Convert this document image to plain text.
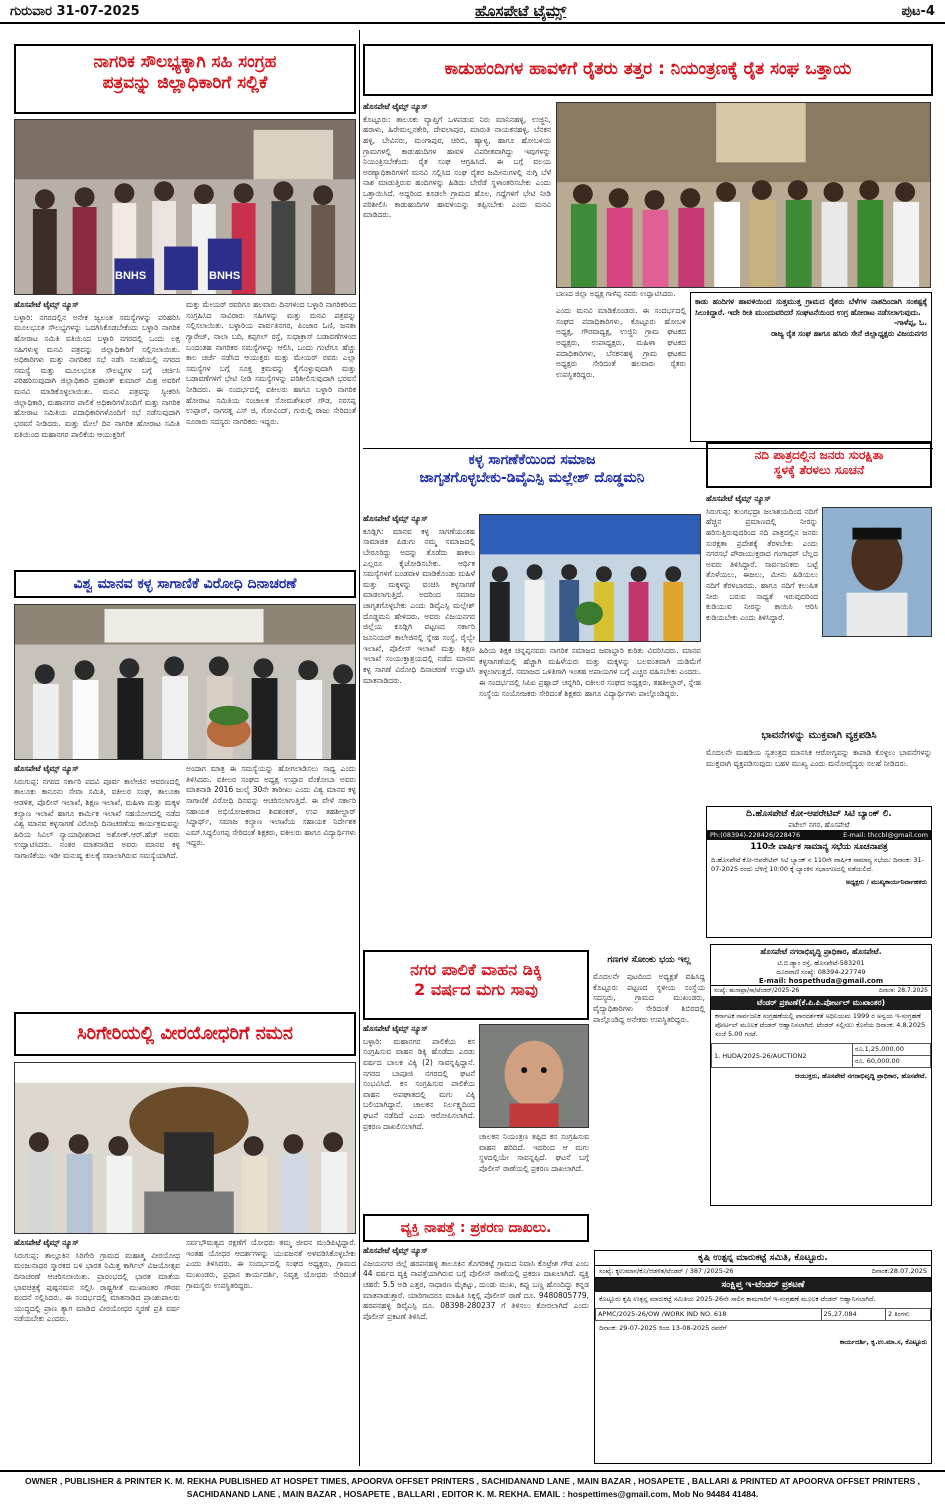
ಗುರುವಾರ 31-07-2025	ಹೊಸಪೇಟೆ ಟೈಮ್ಸ್	ಪುಟ-4
ನಾಗರಿಕ ಸೌಲಭ್ಯಕ್ಕಾಗಿ ಸಹಿ ಸಂಗ್ರಹ
ಪತ್ರವನ್ನು ಜಿಲ್ಲಾಧಿಕಾರಿಗೆ ಸಲ್ಲಿಕೆ
BNHS	BNHS

ಹೊಸಪೇಟೆ ಟೈಮ್ಸ್ ನ್ಯೂಸ್

ಬಳ್ಳಾರಿ: ನಗರದಲ್ಲಿನ ಅನೇಕ ಜ್ವಲಂತ ಸಮಸ್ಯೆಗಳನ್ನು ಪರಿಹರಿಸಿ ಮೂಲಭೂತ ಸೌಲಭ್ಯಗಳನ್ನು ಒದಗಿಸಿಕೊಡಬೇಕೆಂದು ಬಳ್ಳಾರಿ ನಾಗರಿಕ ಹೋರಾಟ ಸಮಿತಿ ವತಿಯಿಂದ ಬಳ್ಳಾರಿ ನಗರದಲ್ಲಿ ಒಂದು ಲಕ್ಷ ಸಹಿಗಳುಳ್ಳ ಮನವಿ ಪತ್ರವನ್ನು ಜಿಲ್ಲಾಧಿಕಾರಿಗೆ ಸಲ್ಲಿಸಲಾಯಿತು. ಅಧಿಕಾರಿಗಳು ಮತ್ತು ನಾಗರಿಕರ ಸಭೆ ನಡೆಸಿ ಸಲಹೆಯಲ್ಲಿ ನಗರದ ಸಮಸ್ಯೆ ಮತ್ತು ಮೂಲಭೂತ ಸೌಲಭ್ಯಗಳ ಬಗ್ಗೆ ಚರ್ಚಿಸಿ ಪರಿಹರಿಸುವುದಾಗಿ ಜಿಲ್ಲಾಧಿಕಾರಿ ಪ್ರಶಾಂತ್ ಕುಮಾರ್ ಮಿಶ್ರ ಅವರಿಗೆ ಮನವಿ ಮಾಡಿಕೊಳ್ಳಲಾಯಿತು. ಮನವಿ ಪತ್ರವನ್ನು ಸ್ವೀಕರಿಸಿ ಜಿಲ್ಲಾಧಿಕಾರಿ, ಮಹಾನಗರ ಪಾಲಿಕೆ ಅಧಿಕಾರಿಗಳೊಂದಿಗೆ ಮತ್ತು ನಾಗರಿಕ ಹೋರಾಟ ಸಮಿತಿಯ ಪದಾಧಿಕಾರಿಗಳೊಂದಿಗೆ ಸಭೆ ನಡೆಸುವುದಾಗಿ ಭರವಸೆ ನೀಡಿದರು. ಮತ್ತು ಮೇಲೆ ದಿನ ನಾಗರಿಕ ಹೋರಾಟ ಸಮಿತಿ ವತಿಯಿಂದ ಮಹಾನಗರ ಪಾಲಿಕೆಯ ಆಯುಕ್ತರಿಗೆ

ಮತ್ತು ಮೇಯರ್ ರವರಿಗೂ ಹಲವಾರು ದಿನಗಳಿಂದ ಬಳ್ಳಾರಿ ನಾಗರಿಕರಿಂದ ಸಂಗ್ರಹಿಸಿದ ಸಾವಿರಾರು ಸಹಿಗಳನ್ನು ಮತ್ತು ಮನವಿ ಪತ್ರವನ್ನು ಸಲ್ಲಿಸಲಾಯಿತು. ಬಳ್ಳಾರಿಯ ಪಾರ್ವತಿನಗರ, ಪಿಂಜಾರ ಓಣಿ, ಜನತಾ ಗ್ಯಾರೇಜ್, ನಾಲಾ ಬದಿ, ಕಪ್ಪಗಲ್ ರಸ್ತೆ, ಸುಧಾಕ್ರಾಸ್ ಬಡಾವಣೆಗಳಿಂದ ಬಂದಂತಹ ನಾಗರಿಕರ ಸಮಸ್ಯೆಗಳನ್ನು ಆಲಿಸಿ, ಒಂದು ಗಂಟೆಗೂ ಹೆಚ್ಚು ಕಾಲ ಚರ್ಚೆ ನಡೆಸಿದ ಆಯುಕ್ತರು ಮತ್ತು ಮೇಯರ್ ರವರು ಎಲ್ಲಾ ಸಮಸ್ಯೆಗಳ ಬಗ್ಗೆ ಸೂಕ್ತ ಕ್ರಮವನ್ನು ಕೈಗೊಳ್ಳುವುದಾಗಿ ಮತ್ತು ಬಡಾವಣೆಗಳಿಗೆ ಭೇಟಿ ನೀಡಿ ಸಮಸ್ಯೆಗಳನ್ನು ಪರಿಶೀಲಿಸುವುದಾಗಿ ಭರವಸೆ ನೀಡಿದರು. ಈ ಸಂದರ್ಭದಲ್ಲಿ ವಕೀಲರು ಹಾಗೂ ಬಳ್ಳಾರಿ ನಾಗರಿಕ ಹೋರಾಟ ಸಮಿತಿಯ ಸಂಚಾಲಕ ಸೋಮಶೇಖರ್ ಗೌಡ, ನರಸಪ್ಪ ಉಪ್ಪಾರ್, ನಾಗರತ್ನ ಎಸ್ ಜಿ, ಗೋವಿಂದ್, ಗುರುಲ್ಲಿ ರಾಜು ಸೇರಿದಂತೆ ನೂರಾರು ಸದಸ್ಯರು ನಾಗರಿಕರು ಇದ್ದರು.

ವಿಶ್ವ ಮಾನವ ಕಳ್ಳ ಸಾಗಾಣಿಕೆ ವಿರೋಧಿ ದಿನಾಚರಣೆ

ಹೊಸಪೇಟೆ ಟೈಮ್ಸ್ ನ್ಯೂಸ್

ಸಿರುಗುಪ್ಪ: ನಗರದ ಸರ್ಕಾರಿ ಪದವಿ ಪೂರ್ವ ಕಾಲೇಜಿನ ಆವರಣದಲ್ಲಿ ತಾಲೂಕು ಕಾನೂನು ಸೇವಾ ಸಮಿತಿ, ವಕೀಲರ ಸಂಘ, ತಾಲೂಕಾ ಆಡಳಿತ, ಪೊಲೀಸ್ ಇಲಾಖೆ, ಶಿಕ್ಷಣ ಇಲಾಖೆ, ಮಹಿಳಾ ಮತ್ತು ಮಕ್ಕಳ ಕಲ್ಯಾಣ ಇಲಾಖೆ ಹಾಗೂ ಕಾರ್ಮಿಕ ಇಲಾಖೆ ಸಹಯೋಗದಲ್ಲಿ ನಡೆದ ವಿಶ್ವ ಮಾನವ ಕಳ್ಳಸಾಗಣೆ ವಿರೋಧಿ ದಿನಾಚರಣೆಯ ಕಾರ್ಯಕ್ರಮವನ್ನು ಹಿರಿಯ ಸಿವಿಲ್ ನ್ಯಾಯಾಧೀಶರಾದ ಅಶೋಕ್.ಆರ್.ಹೆಚ್ ಅವರು ಉದ್ಘಾಟಿಸಿದರು. ನಂತರ ಮಾತನಾಡಿದ ಅವರು ಮಾನವ ಕಳ್ಳ ಸಾಗಾಣಿಕೆಯು ಇಡೀ ಮನುಷ್ಯ ಕುಲಕ್ಕೆ ಸವಾಲಾಗಿರುವ ಸಮಸ್ಯೆಯಾಗಿದೆ.

ಅಂದಾಗ ಮಾತ್ರ ಈ ಸಮಸ್ಯೆಯನ್ನು ಹೋಗಲಾಡಿಸಲು ಸಾಧ್ಯ ಎಂದು ತಿಳಿಸಿದರು. ವಕೀಲರ ಸಂಘದ ಅಧ್ಯಕ್ಷ ಉಪ್ಪಾರ ವೆಂಕೋಬಾ ಅವರು ಮಾತನಾಡಿ 2016 ಜುಲೈ 30ನೇ ತಾರೀಖು ಎಂದು ವಿಶ್ವ ಮಾನವ ಕಳ್ಳ ಸಾಗಾಣಿಕೆ ವಿರೋಧಿ ದಿನವನ್ನು ಆಚರಿಸಲಾಗುತ್ತಿದೆ. ಈ ವೇಳೆ ಸರ್ಕಾರಿ ಸಹಾಯಕ ಅಭಿಯೋಜಕರಾದ ಶಿವಶಂಕರ್, ಉಪ ತಹಶೀಲ್ದಾರ್ ಸಿದ್ದಾರ್ಥ್, ಸಮಾಜ ಕಲ್ಯಾಣ ಇಲಾಖೆಯ ಸಹಾಯಕ ನಿರ್ದೇಶಕ ಎಮ್.ಸಿದ್ದಲಿಂಗಪ್ಪ ಸೇರಿದಂತೆ ಶಿಕ್ಷಕರು, ವಕೀಲರು ಹಾಗೂ ವಿದ್ಯಾರ್ಥಿಗಳು ಇದ್ದರು.

ಸಿರಿಗೇರಿಯಲ್ಲಿ ವೀರಯೋಧರಿಗೆ ನಮನ

ಹೊಸಪೇಟೆ ಟೈಮ್ಸ್ ನ್ಯೂಸ್

ಸಿರುಗುಪ್ಪ: ತಾಲ್ಲೂಕಿನ ಸಿರಿಗೇರಿ ಗ್ರಾಮದ ಮಹಾತ್ಮ ವೀರಯೋಧ ಮಂಜುನಾಥರ ಸ್ಮಾರಕದ ಬಳಿ ಭಾರತ ನಿಮಿತ್ತ ಕಾರ್ಗಿಲ್ ವಿಜಯೋತ್ಸವ ದಿನಾಚರಣೆ ಆಚರಿಸಲಾಯಿತು. ಪ್ರಾರಂಭದಲ್ಲಿ ಭಾರತ ಮಾತೆಯ ಭಾವಚಿತ್ರಕ್ಕೆ ಪುಷ್ಪನಮನ ಸಲ್ಲಿಸಿ ರಾಷ್ಟ್ರಗೀತೆ ಮುಖಾಂತರ ಗೌರವ ವಂದನೆ ಸಲ್ಲಿಸಿದರು. ಈ ಸಂದರ್ಭದಲ್ಲಿ ಮಾತನಾಡಿದ ಪ್ರಾಂಶುಪಾಲರು ಯುದ್ಧದಲ್ಲಿ ಪ್ರಾಣ ತ್ಯಾಗ ಮಾಡಿದ ವೀರಯೋಧರ ಸ್ಮರಣೆ ಪ್ರತಿ ವರ್ಷ ನಡೆಯಬೇಕು ಎಂದರು.

ಸರ್ವಭೌಮತ್ವದ ರಕ್ಷಣೆಗೆ ಯೋಧರು ತಮ್ಮ ಜೀವನ ಮುಡಿಪಿಟ್ಟಿದ್ದಾರೆ. ಇಂತಹ ಯೋಧರ ಆದರ್ಶಗಳನ್ನು ಯುವಜನತೆ ಅಳವಡಿಸಿಕೊಳ್ಳಬೇಕು ಎಂದು ತಿಳಿಸಿದರು. ಈ ಸಂದರ್ಭದಲ್ಲಿ ಸಂಘದ ಅಧ್ಯಕ್ಷರು, ಗ್ರಾಮದ ಮುಖಂಡರು, ಪ್ರಧಾನ ಕಾರ್ಯದರ್ಶಿ, ನಿವೃತ್ತ ಯೋಧರು ಸೇರಿದಂತೆ ಗ್ರಾಮಸ್ಥರು ಉಪಸ್ಥಿತರಿದ್ದರು.

ಕಾಡುಹಂದಿಗಳ ಹಾವಳಿಗೆ ರೈತರು ತತ್ತರ : ನಿಯಂತ್ರಣಕ್ಕೆ ರೈತ ಸಂಘ ಒತ್ತಾಯ

ಹೊಸಪೇಟೆ ಟೈಮ್ಸ್ ನ್ಯೂಸ್

ಕೊಟ್ಟೂರು: ತಾಲೂಕು ವ್ಯಾಪ್ತಿಗೆ ಒಳಪಡುವ ನಿರು ಮಾನಿನಹಳ್ಳಿ, ಉಜ್ಜಿನಿ, ಹರಾಳು, ಹಿರೇಮಲ್ಲನಕೇರಿ, ದೇವಲಾಪುರ, ಮಾರುತಿ ನಾಯಕನಹಳ್ಳಿ, ಬೆನಕನ ಹಳ್ಳಿ, ಬೇವಿನರು, ಮಂಗಾಪುರ, ಚಿರಿಬಿ, ಹ್ಯಾಳ್ಯ, ಹಾಗೂ ಹೋಬಳಿಯ ಗ್ರಾಮಗಳಲ್ಲಿ ಕಾಡುಹಂದಿಗಳ ಹಾವಳಿ ವಿಪರೀತವಾಗಿದ್ದು ಇವುಗಳನ್ನು ನಿಯಂತ್ರಿಸಬೇಕೆಂದು ರೈತ ಸಂಘ ಆಗ್ರಹಿಸಿದೆ. ಈ ಬಗ್ಗೆ ವಲಯ ಅರಣ್ಯಾಧಿಕಾರಿಗಳಿಗೆ ಮನವಿ ಸಲ್ಲಿಸಿದ ಸಂಘ ರೈತರ ಜಮೀನುಗಳಲ್ಲಿ ನುಗ್ಗಿ ಬೆಳೆ ನಾಶ ಮಾಡುತ್ತಿರುವ ಹಂದಿಗಳನ್ನು ಹಿಡಿದು ಬೇರೆಡೆ ಸ್ಥಳಾಂತರಿಸಬೇಕು ಎಂದು ಒತ್ತಾಯಿಸಿದೆ. ಅದ್ದರಿಂದ ಕೂಡಲೇ ಗ್ರಾಮದ ಹೊಲ, ಗದ್ದೆಗಳಿಗೆ ಭೇಟಿ ನೀಡಿ ಪರಿಶೀಲಿಸಿ ಕಾಡುಹಂದಿಗಳ ಹಾವಳಿಯನ್ನು ತಪ್ಪಿಸಬೇಕು ಎಂದು ಮನವಿ ಮಾಡಿದರು.

ಬಾಣದ ಜಿಲ್ಲಾ ಅಧ್ಯಕ್ಷ ಗಾಳೆಪ್ಪ ನವರು ಉದ್ಘಾಟಿಸಿದರು.

ಎಂದು ಮನವಿ ಮಾಡಿಕೊಂಡರು. ಈ ಸಂದರ್ಭದಲ್ಲಿ ಸಂಘದ ಪದಾಧಿಕಾರಿಗಳು, ಕೊಟ್ಟೂರು ಹೋಬಳಿ ಅಧ್ಯಕ್ಷ, ಗೌರವಾಧ್ಯಕ್ಷ, ಉಜ್ಜಿನಿ ಗ್ರಾಮ ಘಟಕದ ಅಧ್ಯಕ್ಷರು, ಉಪಾಧ್ಯಕ್ಷರು, ಮಹಿಳಾ ಘಟಕದ ಪದಾಧಿಕಾರಿಗಳು, ಬೆನಕನಹಳ್ಳಿ ಗ್ರಾಮ ಘಟಕದ ಅಧ್ಯಕ್ಷರು ಸೇರಿದಂತೆ ಹಲವಾರು ರೈತರು ಉಪಸ್ಥಿತರಿದ್ದರು.

ಕಾಡು ಹಂದಿಗಳ ಹಾವಳಿಯಿಂದ ಸುತ್ತಮುತ್ತ ಗ್ರಾಮದ ರೈತರು ಬೆಳೆಗಳ ನಾಶದಿಂದಾಗಿ ಸಂಕಷ್ಟಕ್ಕೆ ಸಿಲುಕಿದ್ದಾರೆ. ಇದೇ ರೀತಿ ಮುಂದುವರಿದರೆ ಸಂಘಟನೆಯಿಂದ ಉಗ್ರ ಹೋರಾಟ ನಡೆಸಲಾಗುವುದು.

-ಗಾಳೆಪ್ಪ, ಓ.

ರಾಜ್ಯ ರೈತ ಸಂಘ ಹಾಗೂ ಹಸಿರು ಸೇನೆ ಜಿಲ್ಲಾಧ್ಯಕ್ಷರು ವಿಜಯನಗರ

ಕಳ್ಳ ಸಾಗಣೆಕೆಯಿಂದ ಸಮಾಜ
ಜಾಗೃತಗೊಳ್ಳಬೇಕು-ಡಿವೈಎಸ್ಪಿ ಮಲ್ಲೇಶ್ ದೊಡ್ಡಮನಿ

ಹೊಸಪೇಟೆ ಟೈಮ್ಸ್ ನ್ಯೂಸ್

ಕೂಡ್ಲಿಗಿ: ಮಾನವ ಕಳ್ಳ ಸಾಗಣೆಯಂತಹ ಸಾಮಾಜಿಕ ಪಿಡುಗು ನಮ್ಮ ಸಮಾಜದಲ್ಲಿ ಬೇರೂರಿದ್ದು ಅದನ್ನು ತೊಡೆದು ಹಾಕಲು ಎಲ್ಲರೂ ಕೈಜೋಡಿಸಬೇಕು. ಆರ್ಥಿಕ ಸಮಸ್ಯೆಗಳಿಗೆ ಬಂಡವಾಳ ಮಾಡಿಕೊಂಡು ಮಹಿಳೆ ಮತ್ತು ಮಕ್ಕಳನ್ನು ವಂಚಿಸಿ ಕಳ್ಳಸಾಗಣೆ ಮಾಡಲಾಗುತ್ತಿದೆ. ಅದರಿಂದ ಸಮಾಜ ಜಾಗೃತಗೊಳ್ಳಬೇಕು ಎಂದು ಡಿವೈಎಸ್ಪಿ ಮಲ್ಲೇಶ್ ದೊಡ್ಡಮನಿ ಹೇಳಿದರು. ಅವರು ವಿಜಯನಗರ ಜಿಲ್ಲೆಯ ಕೂಡ್ಲಿಗಿ ಪಟ್ಟಣದ ಸರ್ಕಾರಿ ಜೂನಿಯರ್ ಕಾಲೇಜಿನಲ್ಲಿ ಸ್ನೇಹ ಸಂಸ್ಥೆ, ರೈಲ್ವೇ ಇಲಾಖೆ, ಪೊಲೀಸ್ ಇಲಾಖೆ ಮತ್ತು ಶಿಕ್ಷಣ ಇಲಾಖೆ ಸಂಯುಕ್ತಾಶ್ರಯದಲ್ಲಿ ನಡೆದ ಮಾನವ ಕಳ್ಳ ಸಾಗಣೆ ವಿರೋಧಿ ದಿನಾಚರಣೆ ಉದ್ಘಾಟಿಸಿ ಮಾತನಾಡಿದರು.

ಹಿರಿಯ ಶಿಕ್ಷಕ ಚಿನ್ನಪ್ಪನವರು ನಾಗರಿಕ ಸಮಾಜದ ಜವಾಬ್ದಾರಿ ಕುರಿತು ವಿವರಿಸಿದರು. ಮಾನವ ಕಳ್ಳಸಾಗಣೆಯಲ್ಲಿ ಹೆಚ್ಚಾಗಿ ಮಹಿಳೆಯರು ಮತ್ತು ಮಕ್ಕಳನ್ನು ಬಲವಂತವಾಗಿ ದುಡಿಮೆಗೆ ತಳ್ಳಲಾಗುತ್ತದೆ. ಸಮಾಜದ ಒಳಿತಿಗಾಗಿ ಇಂತಹ ಅಪಾಯಗಳ ಬಗ್ಗೆ ಎಚ್ಚರ ವಹಿಸಬೇಕು ಎಂದರು. ಈ ಸಂದರ್ಭದಲ್ಲಿ ಸಿಪಿಐ ಪ್ರಹ್ಲಾದ್ ಚನ್ನಗಿರಿ, ವಕೀಲರ ಸಂಘದ ಅಧ್ಯಕ್ಷರು, ತಹಶೀಲ್ದಾರ್, ಸ್ನೇಹ ಸಂಸ್ಥೆಯ ಸಂಯೋಜಕರು ಸೇರಿದಂತೆ ಶಿಕ್ಷಕರು ಹಾಗೂ ವಿದ್ಯಾರ್ಥಿಗಳು ಪಾಲ್ಗೊಂಡಿದ್ದರು.

ನದಿ ಪಾತ್ರದಲ್ಲಿನ ಜನರು ಸುರಕ್ಷಿತಾ
ಸ್ಥಳಕ್ಕೆ ತೆರಳಲು ಸೂಚನೆ

ಹೊಸಪೇಟೆ ಟೈಮ್ಸ್ ನ್ಯೂಸ್

ಸಿರುಗುಪ್ಪ: ತುಂಗಭದ್ರಾ ಜಲಾಶಯದಿಂದ ನದಿಗೆ ಹೆಚ್ಚಿನ ಪ್ರಮಾಣದಲ್ಲಿ ನೀರನ್ನು ಹರಿಸುತ್ತಿರುವುದರಿಂದ ನದಿ ಪಾತ್ರದಲ್ಲಿನ ಜನರು ಸುರಕ್ಷತಾ ಪ್ರದೇಶಕ್ಕೆ ತೆರಳಬೇಕು ಎಂದು ನಗರಸಭೆ ಪೌರಾಯುಕ್ತರಾದ ಗಂಗಾಧರ್ ಬೆಲ್ಲದ ಅವರು ತಿಳಿಸಿದ್ದಾರೆ. ಸಾರ್ವಜನಿಕರು ಬಟ್ಟೆ ತೊಳೆಯಲು, ಈಜಲು, ಮೀನು ಹಿಡಿಯಲು ನದಿಗೆ ತೆರಳಬಾರದು. ಹಾಗೂ ನದಿಗೆ ಕಲುಷಿತ ನೀರು ಬರುವ ಸಾಧ್ಯತೆ ಇರುವುದರಿಂದ ಕುಡಿಯುವ ನೀರನ್ನು ಕಾಯಿಸಿ ಆರಿಸಿ ಕುಡಿಯಬೇಕು ಎಂದು ತಿಳಿಸಿದ್ದಾರೆ.

ಭಾವನೆಗಳನ್ನು ಮುಕ್ತವಾಗಿ ವ್ಯಕ್ತಪಡಿಸಿ

ಮೊದಲನೇ ಮಹಡಿಯ ಸ್ವತಂತ್ರದ ಮಾನಸಿಕ ಆರೋಗ್ಯವನ್ನು ಕಾಪಾಡಿ ಕೊಳ್ಳಲು ಭಾವನೆಗಳನ್ನು ಮುಕ್ತವಾಗಿ ವ್ಯಕ್ತಪಡಿಸುವುದು ಬಹಳ ಮುಖ್ಯ ಎಂದು ಮನೋವೈದ್ಯರು ಸಲಹೆ ನೀಡಿದರು.

ದಿ.ಹೊಸಪೇಟೆ ಕೋ-ಆಪರೇಟಿವ್ ಸಿಟಿ ಬ್ಯಾಂಕ್ ಲಿ.
ಪಟೇಲ್ ನಗರ, ಹೊಸಪೇಟೆ
Ph:(08394)-228426/228476	E-mail: thccbl@gmail.com
110ನೇ ವಾರ್ಷಿಕ ಸಾಮಾನ್ಯ ಸಭೆಯ ಸೂಚನಾಪತ್ರ
ದಿ.ಹೊಸಪೇಟೆ ಕೋ-ಆಪರೇಟಿವ್ ಸಿಟಿ ಬ್ಯಾಂಕ್ ನ 110ನೇ ವಾರ್ಷಿಕ ಸಾಮಾನ್ಯ ಸಭೆಯು ದಿನಾಂಕ: 31-07-2025 ರಂದು ಬೆಳಿಗ್ಗೆ 10:00 ಕ್ಕೆ ಬ್ಯಾಂಕಿನ ಸಭಾಂಗಣದಲ್ಲಿ ನಡೆಯಲಿದೆ.
ಅಧ್ಯಕ್ಷರು / ಮುಖ್ಯಕಾರ್ಯನಿರ್ವಾಹಕರು
ನಗರ ಪಾಲಿಕೆ ವಾಹನ ಡಿಕ್ಕಿ
2 ವರ್ಷದ ಮಗು ಸಾವು

ಹೊಸಪೇಟೆ ಟೈಮ್ಸ್ ನ್ಯೂಸ್

ಬಳ್ಳಾರಿ: ಮಹಾನಗರ ಪಾಲಿಕೆಯ ಕಸ ಸಂಗ್ರಹಿಸುವ ವಾಹನ ಡಿಕ್ಕಿ ಹೊಡೆದು ಎರಡು ವರ್ಷದ ಬಾಲಕ ವಿಕ್ಕಿ (2) ಸಾವನ್ನಪ್ಪಿದ್ದಾನೆ. ನಗರದ ಬಾಪೂಜಿ ನಗರದಲ್ಲಿ ಘಟನೆ ಸಂಭವಿಸಿದೆ. ಕಸ ಸಂಗ್ರಹಿಸುವ ಪಾಲಿಕೆಯ ವಾಹನ ಅಪಘಾತದಲ್ಲಿ ಮಗು ವಿಕ್ಕಿ ಬಲಿಯಾಗಿದ್ದಾನೆ. ಚಾಲಕನ ನಿರ್ಲಕ್ಷ್ಯದಿಂದ ಘಟನೆ ನಡೆದಿದೆ ಎಂದು ಆರೋಪಿಸಲಾಗಿದೆ. ಪ್ರಕರಣ ದಾಖಲಿಸಲಾಗಿದೆ.

ಚಾಲಕನ ನಿಯಂತ್ರಣ ತಪ್ಪಿದ ಕಸ ಸಂಗ್ರಹಿಸುವ ವಾಹನ ಹರಿದಿದೆ. ಇದರಿಂದ ಆ ಮಗು ಸ್ಥಳದಲ್ಲಿಯೇ ಸಾವನ್ನಪ್ಪಿದೆ. ಘಟನೆ ಬಗ್ಗೆ ಪೊಲೀಸ್ ಠಾಣೆಯಲ್ಲಿ ಪ್ರಕರಣ ದಾಖಲಾಗಿದೆ.

ಗಣಗಳ ಸೋಂಕು ಭಯ ಇಲ್ಲ

ಮೊದಲನೇ ಪುಟದಿಂದ ಅಧ್ಯಕ್ಷತೆ ವಹಿಸಿದ್ದ ಕೊಟ್ಟೂರು ಪಟ್ಟಣದ ಸ್ಥಳೀಯ ಸಂಸ್ಥೆಯ ಸದಸ್ಯರು, ಗ್ರಾಮದ ಮುಖಂಡರು, ವೈದ್ಯಾಧಿಕಾರಿಗಳು ಸೇರಿದಂತೆ ಶಿಬಿರದಲ್ಲಿ ಪಾಲ್ಗೊಂಡಿದ್ದ ಅನೇಕರು ಉಪಸ್ಥಿತರಿದ್ದರು.

ಹೊಸಪೇಟೆ ನಗರಾಭಿವೃದ್ಧಿ ಪ್ರಾಧಿಕಾರ, ಹೊಸಪೇಟೆ.
ಟಿ.ಬಿ.ಡ್ಯಾಂ ರಸ್ತೆ, ಹೊಸಪೇಟೆ-583201
ದೂರವಾಣಿ ಸಂಖ್ಯೆ: 08394-227749
E-mail: hospethuda@gmail.com
ಸಂಖ್ಯೆ: ಹುನಾಪ್ರಾ/ಸಾ/ಟೆಂಡರ್/2025-26	ದಿನಾಂಕ: 28.7.2025
ಟೆಂಡರ್ ಪ್ರಕಟಣೆ(ಕೆ.ಪಿ.ಪಿ.ಪೋರ್ಟಲ್ ಮುಖಾಂತರ)
ಕರ್ನಾಟಕ ಸಾರ್ವಜನಿಕ ಸಂಗ್ರಹಣೆಯಲ್ಲಿ ಪಾರದರ್ಶಕತೆ ಅಧಿನಿಯಮ 1999 ರ ಅನ್ವಯ ಇ-ಸಂಗ್ರಹಣೆ ಪೋರ್ಟಲ್ ಮೂಲಕ ಟೆಂಡರ್ ಆಹ್ವಾನಿಸಲಾಗಿದೆ. ಟೆಂಡರ್ ಸಲ್ಲಿಸಲು ಕೊನೆಯ ದಿನಾಂಕ: 4.8.2025 ಸಂಜೆ 5.00 ಗಂಟೆ.
1. HUDA/2025-26/AUCTION2	ರೂ.1,25,000.00
ರೂ. 60,000.00
ಆಯುಕ್ತರು, ಹೊಸಪೇಟೆ ನಗರಾಭಿವೃದ್ಧಿ ಪ್ರಾಧಿಕಾರ, ಹೊಸಪೇಟೆ.
ವ್ಯಕ್ತಿ ನಾಪತ್ತೆ : ಪ್ರಕರಣ ದಾಖಲು.

ಹೊಸಪೇಟೆ ಟೈಮ್ಸ್ ನ್ಯೂಸ್

ವಿಜಯನಗರ ಜಿಲ್ಲೆ ಹರಪನಹಳ್ಳಿ ತಾಲೂಕಿನ ತೊಗರಿಕಟ್ಟೆ ಗ್ರಾಮದ ನಿವಾಸಿ ಕೊಟ್ರೇಶ ಗೌಡ ಎಂಬ 44 ವರ್ಷದ ವ್ಯಕ್ತಿ ನಾಪತ್ತೆಯಾಗಿರುವ ಬಗ್ಗೆ ಪೊಲೀಸ್ ಠಾಣೆಯಲ್ಲಿ ಪ್ರಕರಣ ದಾಖಲಾಗಿದೆ. ವ್ಯಕ್ತಿ ಚಹರೆ: 5.5 ಅಡಿ ಎತ್ತರ, ಸಾಧಾರಣ ಮೈಕಟ್ಟು, ದುಂಡು ಮುಖ, ಕಪ್ಪು ಬಣ್ಣ ಹೊಂದಿದ್ದು ಕನ್ನಡ ಮಾತನಾಡುತ್ತಾರೆ. ಯಾರಿಗಾದರೂ ಮಾಹಿತಿ ಸಿಕ್ಕಲ್ಲಿ ಪೊಲೀಸ್ ಠಾಣೆ ದೂ. 9480805779, ಹರಪನಹಳ್ಳಿ ಡಿವೈಎಸ್ಪಿ ದೂ. 08398-280237 ಗೆ ತಿಳಿಸಲು ಕೋರಲಾಗಿದೆ ಎಂದು ಪೊಲೀಸ್ ಪ್ರಕಟಣೆ ತಿಳಿಸಿದೆ.

ಕೃಷಿ ಉತ್ಪನ್ನ ಮಾರುಕಟ್ಟೆ ಸಮಿತಿ, ಕೊಟ್ಟೂರು.
ಸಂಖ್ಯೆ: ಕೃಉಮಾಸ/ಕೊ/ಆಡಳಿತ/ಟೆಂಡರ್ / 387 /2025-26	ದಿನಾಂಕ:28.07.2025
ಸಂಕ್ಷಿಪ್ತ ಇ-ಟೆಂಡರ್ ಪ್ರಕಟಣೆ
ಕೊಟ್ಟೂರು ಕೃಷಿ ಉತ್ಪನ್ನ ಮಾರುಕಟ್ಟೆ ಸಮಿತಿಯ 2025-26ನೇ ಸಾಲಿನ ಕಾಮಗಾರಿಗೆ ಇ-ಸಂಗ್ರಹಣೆ ಮೂಲಕ ಟೆಂಡರ್ ಆಹ್ವಾನಿಸಲಾಗಿದೆ.
APMC/2025-26/OW /WORK IND NO. 618	25,27,084	2 ತಿಂಗಳು
ದಿನಾಂಕ: 29-07-2025 ರಿಂದ 13-08-2025 ರವರೆಗೆ
ಕಾರ್ಯದರ್ಶಿ, ಕೃ.ಉ.ಮಾ.ಸ, ಕೊಟ್ಟೂರು
OWNER , PUBLISHER & PRINTER K. M. REKHA PUBLISHED AT HOSPET TIMES, APOORVA OFFSET PRINTERS , SACHIDANAND LANE , MAIN BAZAR , HOSAPETE , BALLARI & PRINTED AT APOORVA OFFSET PRINTERS ,
SACHIDANAND LANE , MAIN BAZAR , HOSAPETE , BALLARI , EDITOR K. M. REKHA. EMAIL : hospettimes@gmail.com, Mob No 94484 41484.
